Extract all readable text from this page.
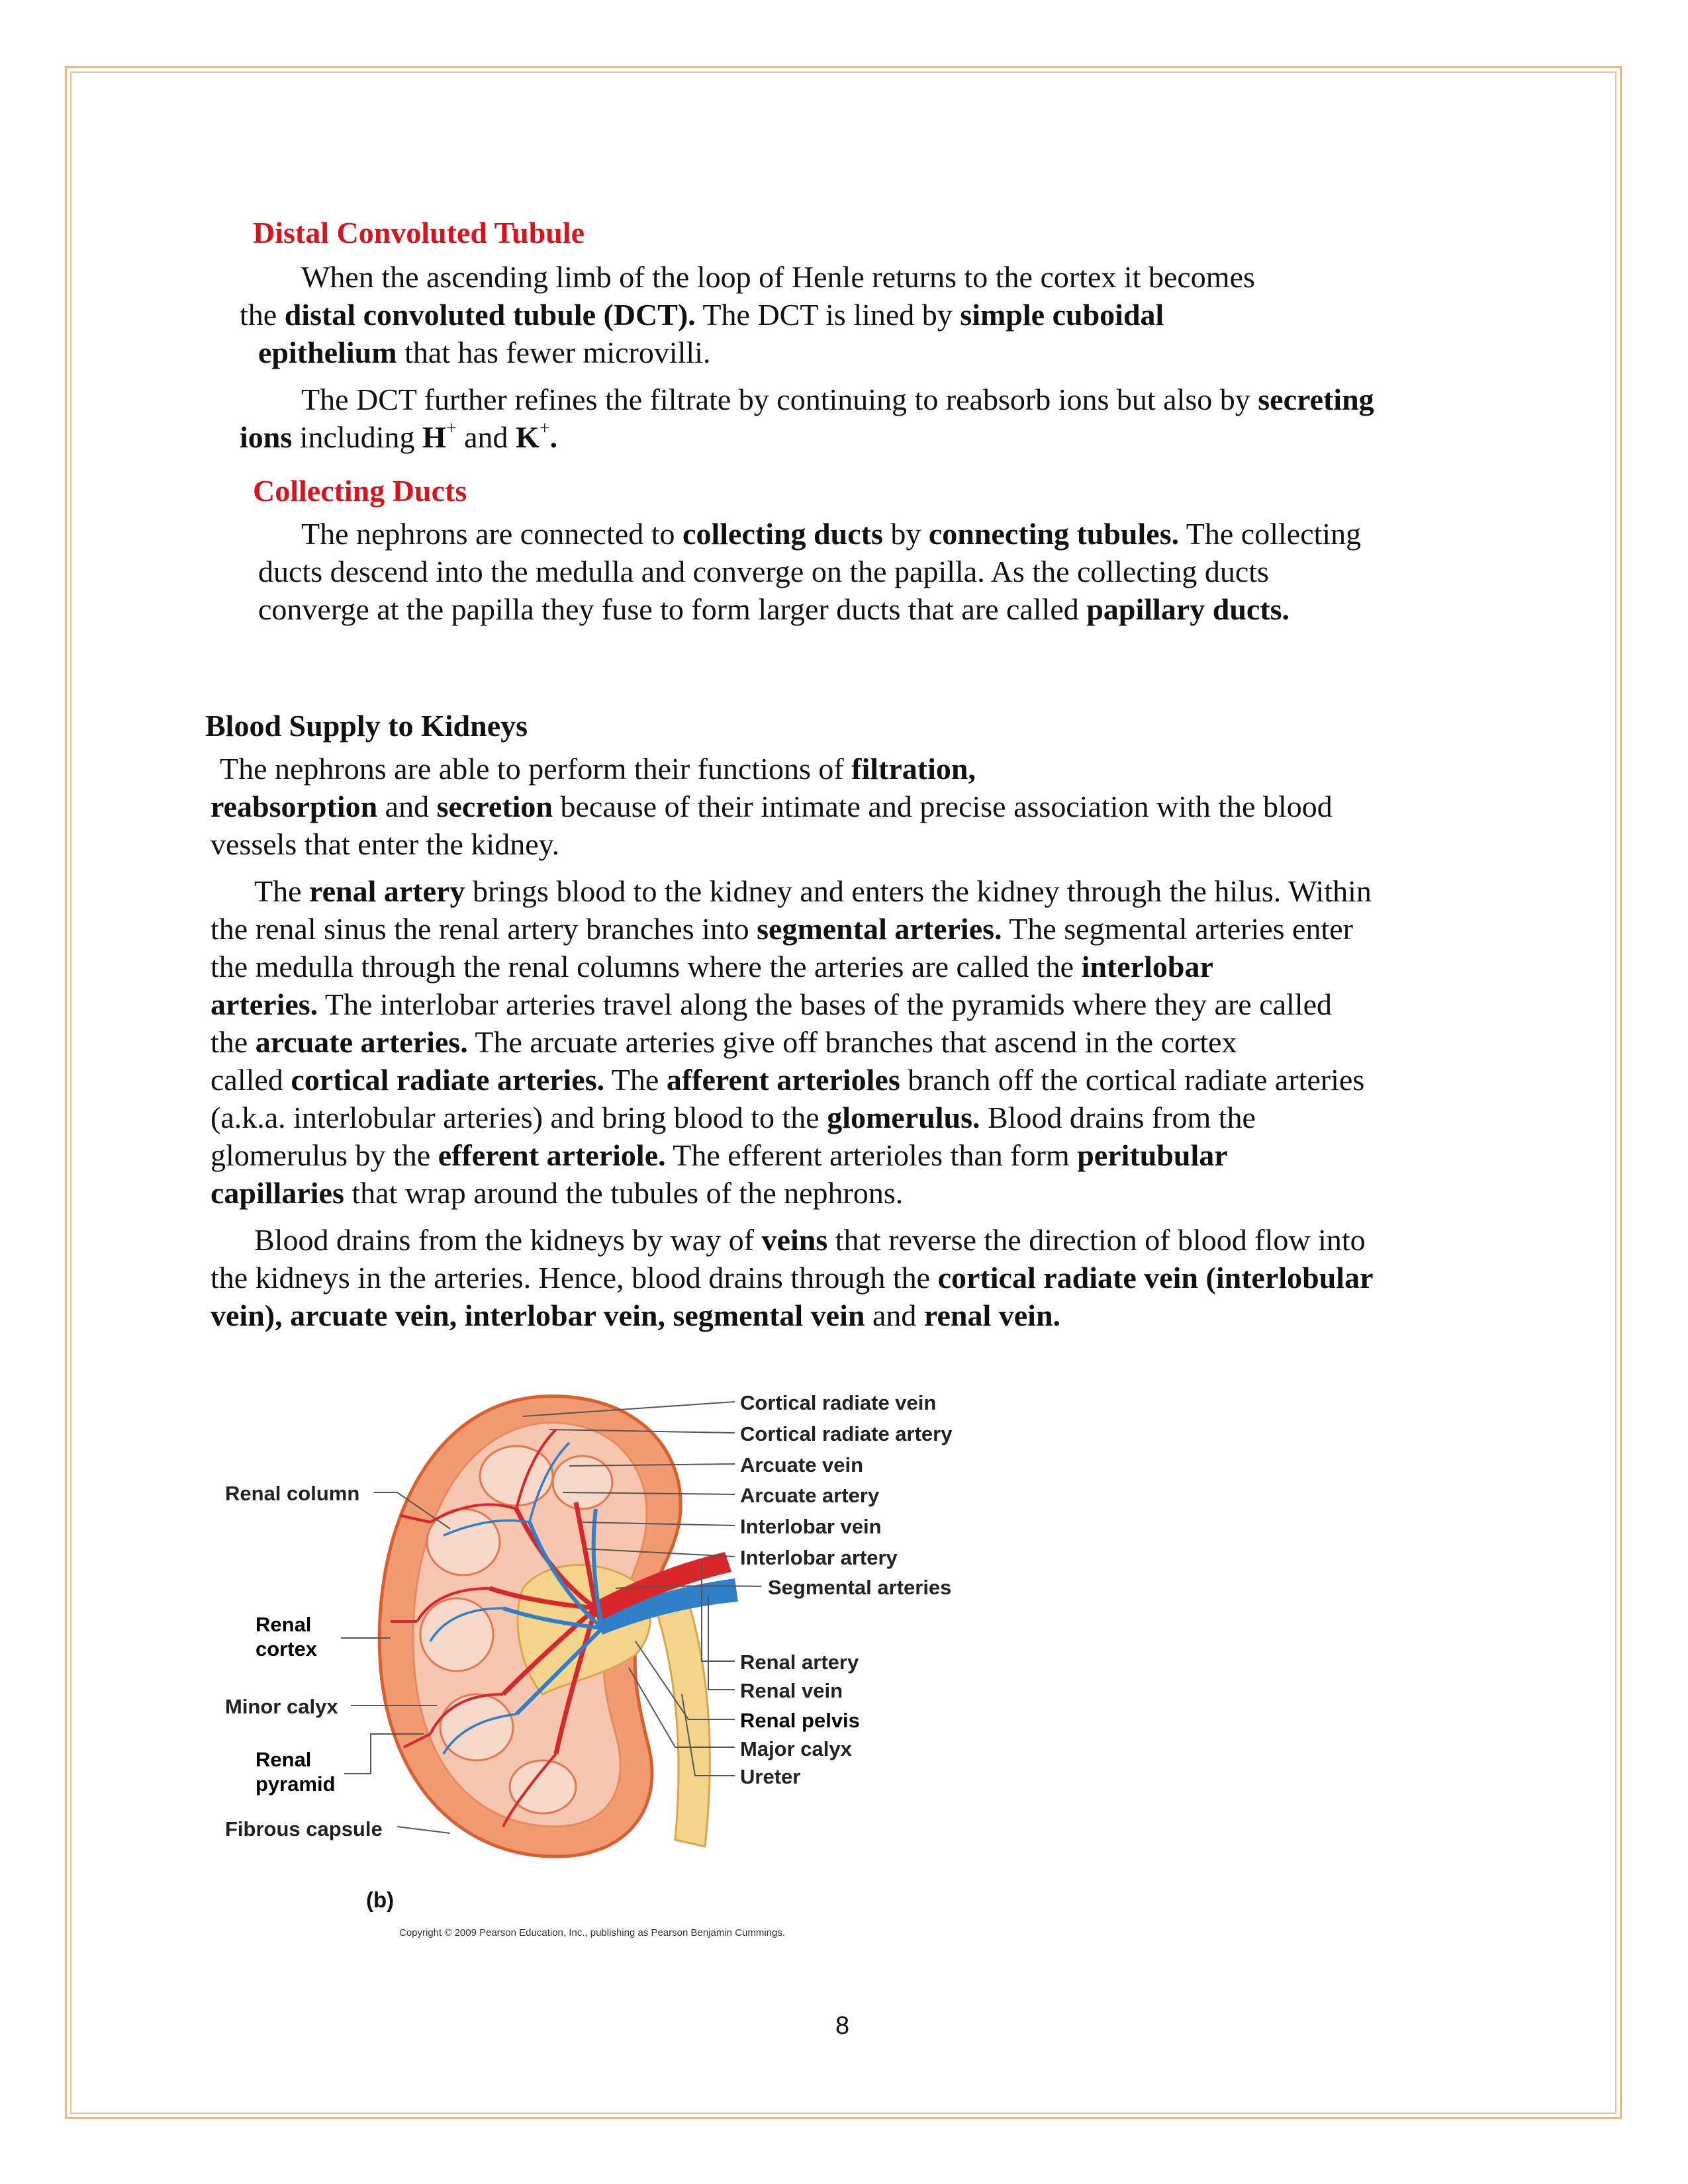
Distal Convoluted Tubule
When the ascending limb of the loop of Henle returns to the cortex it becomes
the distal convoluted tubule (DCT). The DCT is lined by simple cuboidal
epithelium that has fewer microvilli.
The DCT further refines the filtrate by continuing to reabsorb ions but also by secreting
ions including H+ and K+.
Collecting Ducts
The nephrons are connected to collecting ducts by connecting tubules. The collecting
ducts descend into the medulla and converge on the papilla. As the collecting ducts
converge at the papilla they fuse to form larger ducts that are called papillary ducts.
Blood Supply to Kidneys
The nephrons are able to perform their functions of filtration,
reabsorption and secretion because of their intimate and precise association with the blood
vessels that enter the kidney.
The renal artery brings blood to the kidney and enters the kidney through the hilus. Within
the renal sinus the renal artery branches into segmental arteries. The segmental arteries enter
the medulla through the renal columns where the arteries are called the interlobar
arteries. The interlobar arteries travel along the bases of the pyramids where they are called
the arcuate arteries. The arcuate arteries give off branches that ascend in the cortex
called cortical radiate arteries. The afferent arterioles branch off the cortical radiate arteries
(a.k.a. interlobular arteries) and bring blood to the glomerulus. Blood drains from the
glomerulus by the efferent arteriole. The efferent arterioles than form peritubular
capillaries that wrap around the tubules of the nephrons.
Blood drains from the kidneys by way of veins that reverse the direction of blood flow into
the kidneys in the arteries. Hence, blood drains through the cortical radiate vein (interlobular
vein), arcuate vein, interlobar vein, segmental vein and renal vein.
Cortical radiate vein
Cortical radiate artery
Arcuate vein
Arcuate artery
Interlobar vein
Interlobar artery
Segmental arteries
Renal artery
Renal vein
Renal pelvis
Major calyx
Ureter
Renal column
Renal
cortex
Minor calyx
Renal
pyramid
Fibrous capsule
(b)
Copyright © 2009 Pearson Education, Inc., publishing as Pearson Benjamin Cummings.
8
